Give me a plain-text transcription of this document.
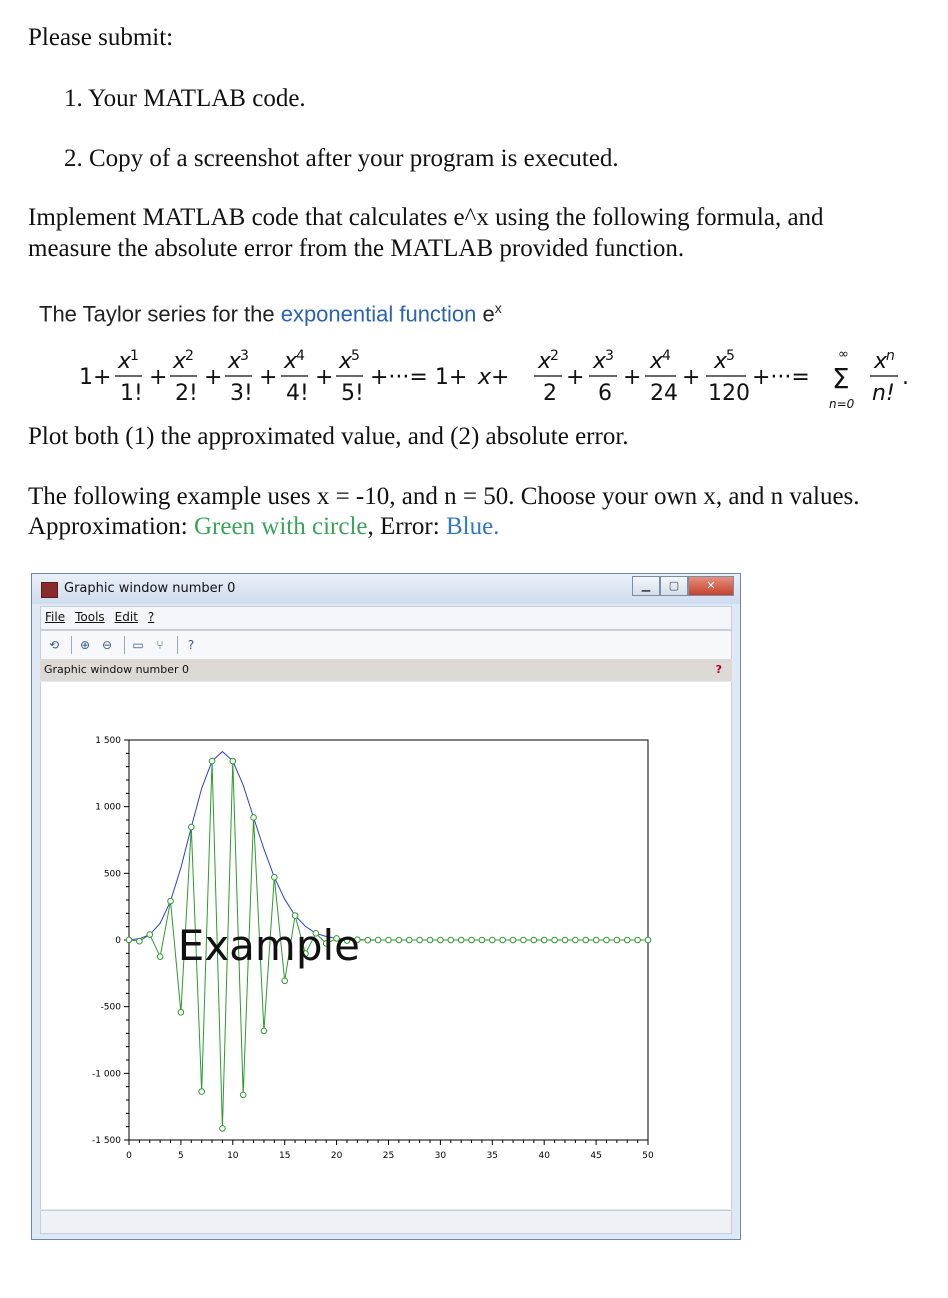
Please submit:
1. Your MATLAB code.
2. Copy of a screenshot after your program is executed.
Implement MATLAB code that calculates e^x using the following formula, and
measure the absolute error from the MATLAB provided function.
The Taylor series for the exponential function $e^x$
1+
x
1
1!
+
x
2
2!
+
x
3
3!
+
x
4
4!
+
x
5
5!
+···= 1+ x +
x
2
2
+
x
3
6
+
x
4
24
+
x
5
120
+···=
∞
Σ
n=0
x
n
n!
.
Plot both (1) the approximated value, and (2) absolute error.
The following example uses x = -10, and n = 50. Choose your own x, and n values.
Approximation: Green with circle, Error: Blue.
Graphic window number 0	▁	▢	✕
File Tools Edit ?
⟲	⊕ ⊖	▭	⑂	?
Graphic window number 0	?
1 500
1 000
500
0
-500
-1 000
-1 500
0	5	10	15	20	25	30	35	40	45	50
Example
